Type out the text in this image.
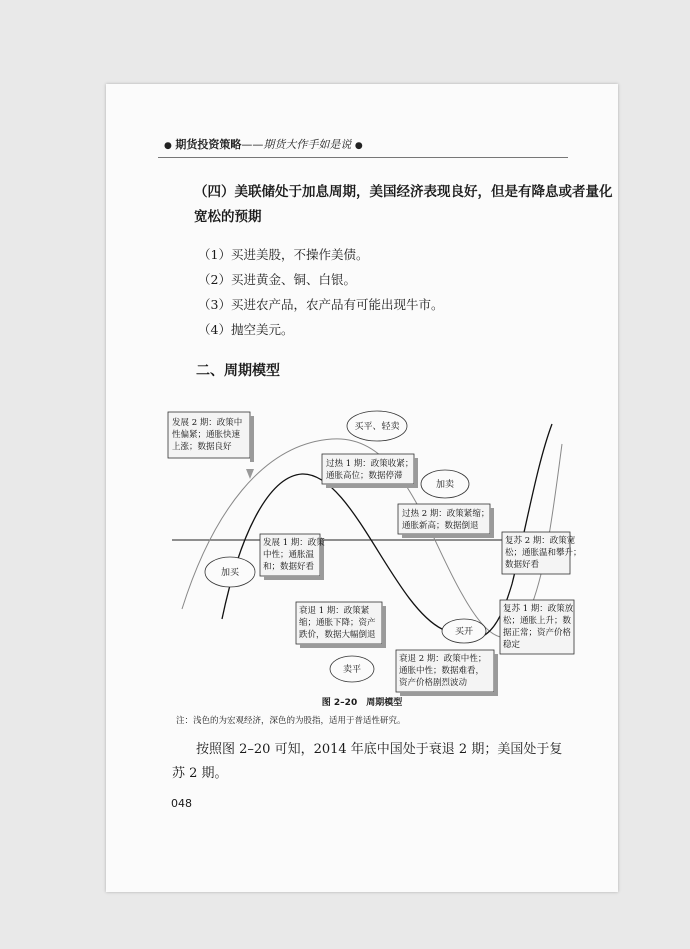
● 期货投资策略——期货大作手如是说 ●
（四）美联储处于加息周期，美国经济表现良好，但是有降息或者量化宽松的预期
（1）买进美股，不操作美债。
（2）买进黄金、铜、白银。
（3）买进农产品，农产品有可能出现牛市。
（4）抛空美元。
二、周期模型
发展 2 期：政策中
性偏紧；通胀快速
上涨；数据良好
过热 1 期：政策收紧；
通胀高位；数据停滞
过热 2 期：政策紧缩；
通胀新高；数据倒退
发展 1 期：政策
中性；通胀温
和；数据好看
复苏 2 期：政策宽
松；通胀温和攀升；
数据好看
衰退 1 期：政策紧
缩；通胀下降；资产
跌价，数据大幅倒退
复苏 1 期：政策放
松；通胀上升；数
据正常；资产价格
稳定
衰退 2 期：政策中性；
通胀中性；数据难看，
资产价格剧烈波动
买平、轻卖
加卖
加买
卖平
买开
图 2–20　周期模型
注：浅色的为宏观经济，深色的为股指，适用于普适性研究。
按照图 2–20 可知，2014 年底中国处于衰退 2 期；美国处于复苏 2 期。
048
